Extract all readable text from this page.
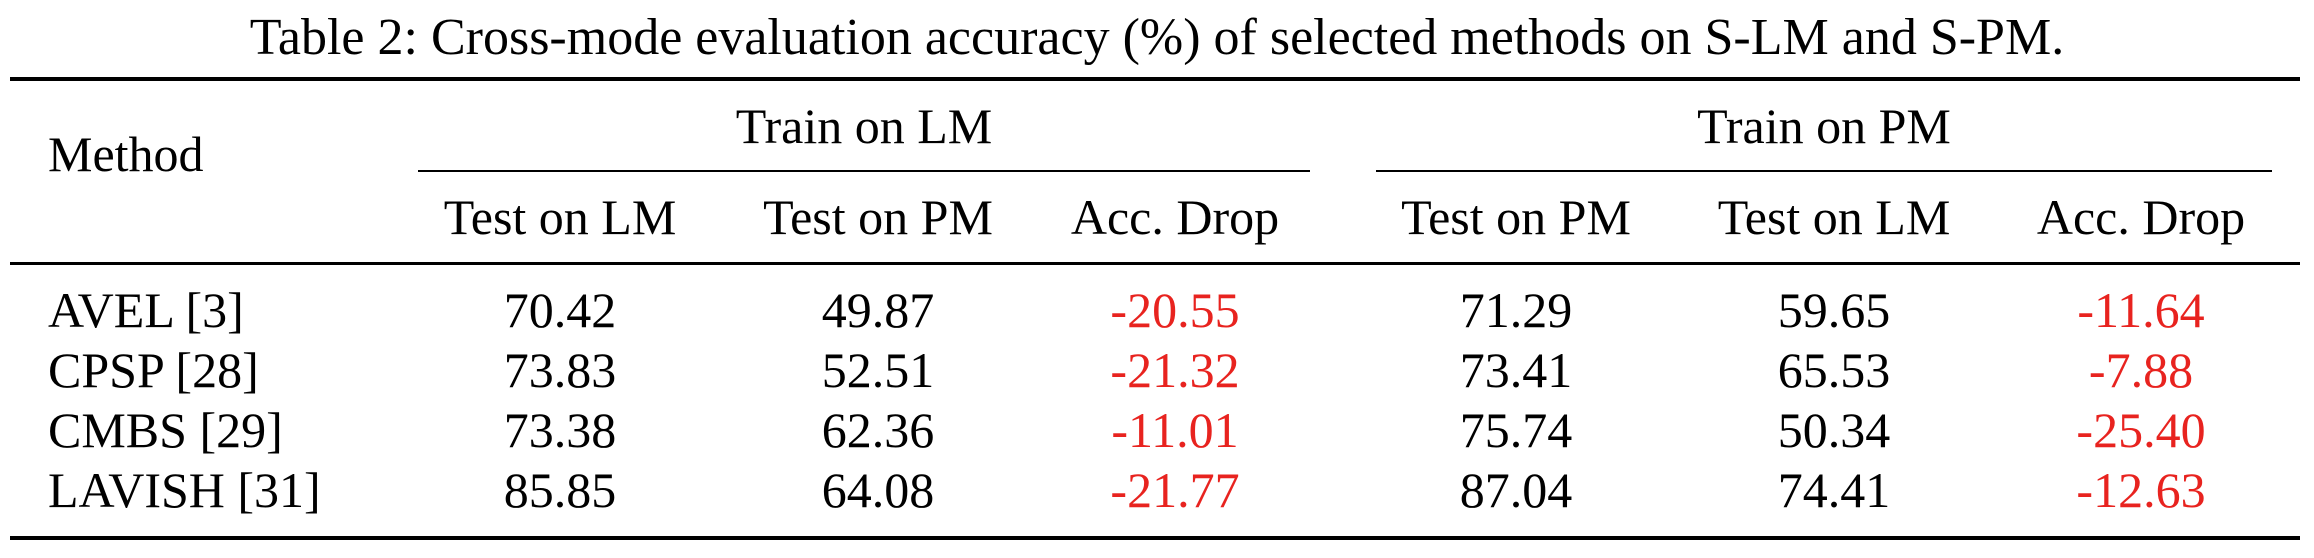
Table 2: Cross-mode evaluation accuracy (%) of selected methods on S-LM and S-PM.
Method	Train on LM	Train on PM
Test on LM	Test on PM	Acc. Drop	Test on PM	Test on LM	Acc. Drop
AVEL [3]	70.42	49.87	-20.55	71.29	59.65	-11.64
CPSP [28]	73.83	52.51	-21.32	73.41	65.53	-7.88
CMBS [29]	73.38	62.36	-11.01	75.74	50.34	-25.40
LAVISH [31]	85.85	64.08	-21.77	87.04	74.41	-12.63
